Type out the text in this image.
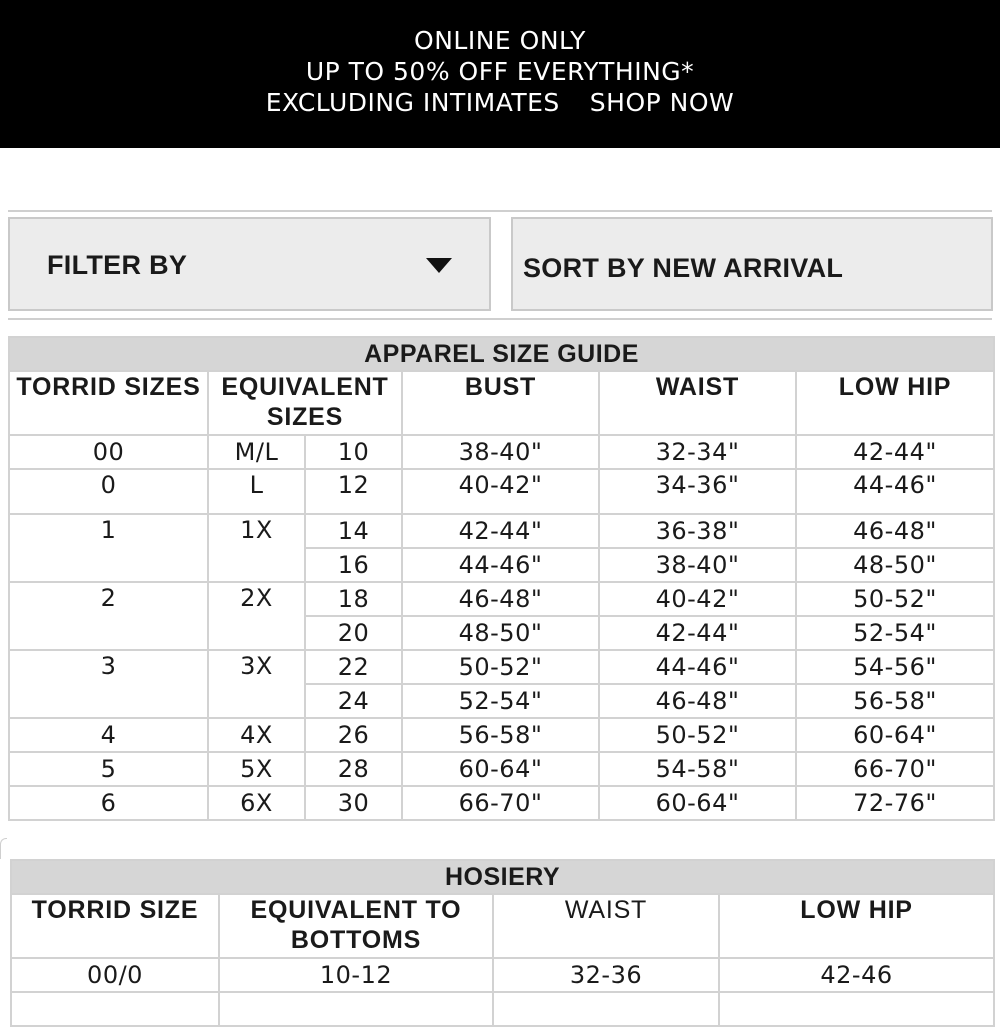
ONLINE ONLY
UP TO 50% OFF EVERYTHING*
EXCLUDING INTIMATES SHOP NOW
FILTER BY	SORT BY NEW ARRIVAL
APPAREL SIZE GUIDE					
TORRID SIZES	EQUIVALENT SIZES		BUST	WAIST	LOW HIP
00	M/L	10	38-40"	32-34"	42-44"
0	L	12	40-42"	34-36"	44-46"
1	1X	14	42-44"	36-38"	46-48"
		16	44-46"	38-40"	48-50"
2	2X	18	46-48"	40-42"	50-52"
		20	48-50"	42-44"	52-54"
3	3X	22	50-52"	44-46"	54-56"
		24	52-54"	46-48"	56-58"
4	4X	26	56-58"	50-52"	60-64"
5	5X	28	60-64"	54-58"	66-70"
6	6X	30	66-70"	60-64"	72-76"
HOSIERY			
TORRID SIZE	EQUIVALENT TO BOTTOMS	WAIST	LOW HIP
00/0	10-12	32-36	42-46
